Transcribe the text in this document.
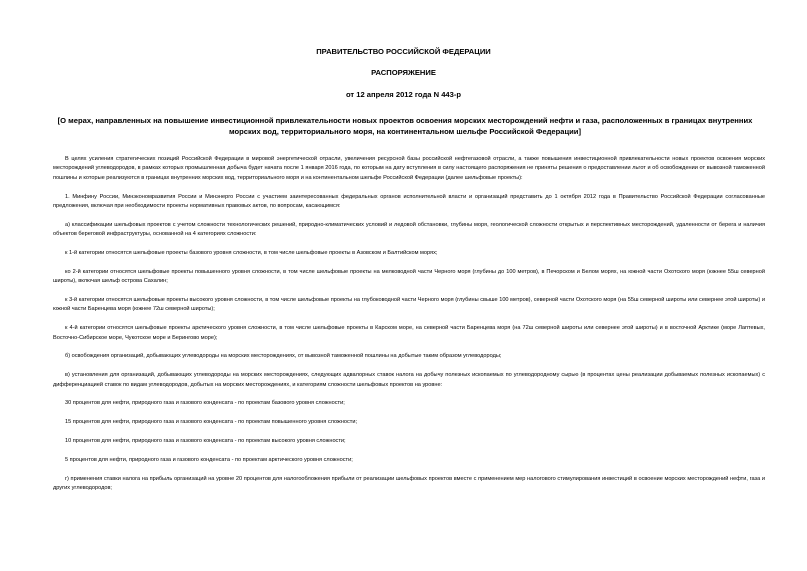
ПРАВИТЕЛЬСТВО РОССИЙСКОЙ ФЕДЕРАЦИИ
РАСПОРЯЖЕНИЕ
от 12 апреля 2012 года N 443-р
[О мерах, направленных на повышение инвестиционной привлекательности новых проектов освоения морских месторождений нефти и газа, расположенных в границах внутренних морских вод, территориального моря, на континентальном шельфе Российской Федерации]

В целях усиления стратегических позиций Российской Федерации в мировой энергетической отрасли, увеличения ресурсной базы российской нефтегазовой отрасли, а также повышения инвестиционной привлекательности новых проектов освоения морских месторождений углеводородов, в рамках которых промышленная добыча будет начата после 1 января 2016 года, по которым на дату вступления в силу настоящего распоряжения не приняты решения о предоставлении льгот и об освобождении от вывозной таможенной пошлины и которые реализуются в границах внутренних морских вод, территориального моря и на континентальном шельфе Российской Федерации (далее шельфовые проекты):

1. Минфину России, Минэкономразвития России и Минэнерго России с участием заинтересованных федеральных органов исполнительной власти и организаций представить до 1 октября 2012 года в Правительство Российской Федерации согласованные предложения, включая при необходимости проекты нормативных правовых актов, по вопросам, касающимся:

а) классификации шельфовых проектов с учетом сложности технологических решений, природно-климатических условий и ледовой обстановки, глубины моря, геологической сложности открытых и перспективных месторождений, удаленности от берега и наличия объектов береговой инфраструктуры, основанной на 4 категориях сложности:

к 1-й категории относятся шельфовые проекты базового уровня сложности, в том числе шельфовые проекты в Азовском и Балтийском морях;

ко 2-й категории относятся шельфовые проекты повышенного уровня сложности, в том числе шельфовые проекты на мелководной части Черного моря (глубины до 100 метров), в Печорском и Белом морях, на южной части Охотского моря (южнее 55ш северной широты), включая шельф острова Сахалин;

к 3-й категории относятся шельфовые проекты высокого уровня сложности, в том числе шельфовые проекты на глубоководной части Черного моря (глубины свыше 100 метров), северной части Охотского моря (на 55ш северной широты или севернее этой широты) и южной части Баренцева моря (южнее 72ш северной широты);

к 4-й категории относятся шельфовые проекты арктического уровня сложности, в том числе шельфовые проекты в Карском море, на северной части Баренцева моря (на 72ш северной широты или севернее этой широты) и в восточной Арктике (море Лаптевых, Восточно-Сибирское море, Чукотское море и Берингово море);

б) освобождения организаций, добывающих углеводороды на морских месторождениях, от вывозной таможенной пошлины на добытые таким образом углеводороды;

в) установления для организаций, добывающих углеводороды на морских месторождениях, следующих адвалорных ставок налога на добычу полезных ископаемых по углеводородному сырью (в процентах цены реализации добываемых полезных ископаемых) с дифференциацией ставок по видам углеводородов, добытых на морских месторождениях, и категориям сложности шельфовых проектов на уровне:

30 процентов для нефти, природного газа и газового конденсата - по проектам базового уровня сложности;

15 процентов для нефти, природного газа и газового конденсата - по проектам повышенного уровня сложности;

10 процентов для нефти, природного газа и газового конденсата - по проектам высокого уровня сложности;

5 процентов для нефти, природного газа и газового конденсата - по проектам арктического уровня сложности;

г) применения ставки налога на прибыль организаций на уровне 20 процентов для налогообложения прибыли от реализации шельфовых проектов вместе с применением мер налогового стимулирования инвестиций в освоение морских месторождений нефти, газа и других углеводородов;
